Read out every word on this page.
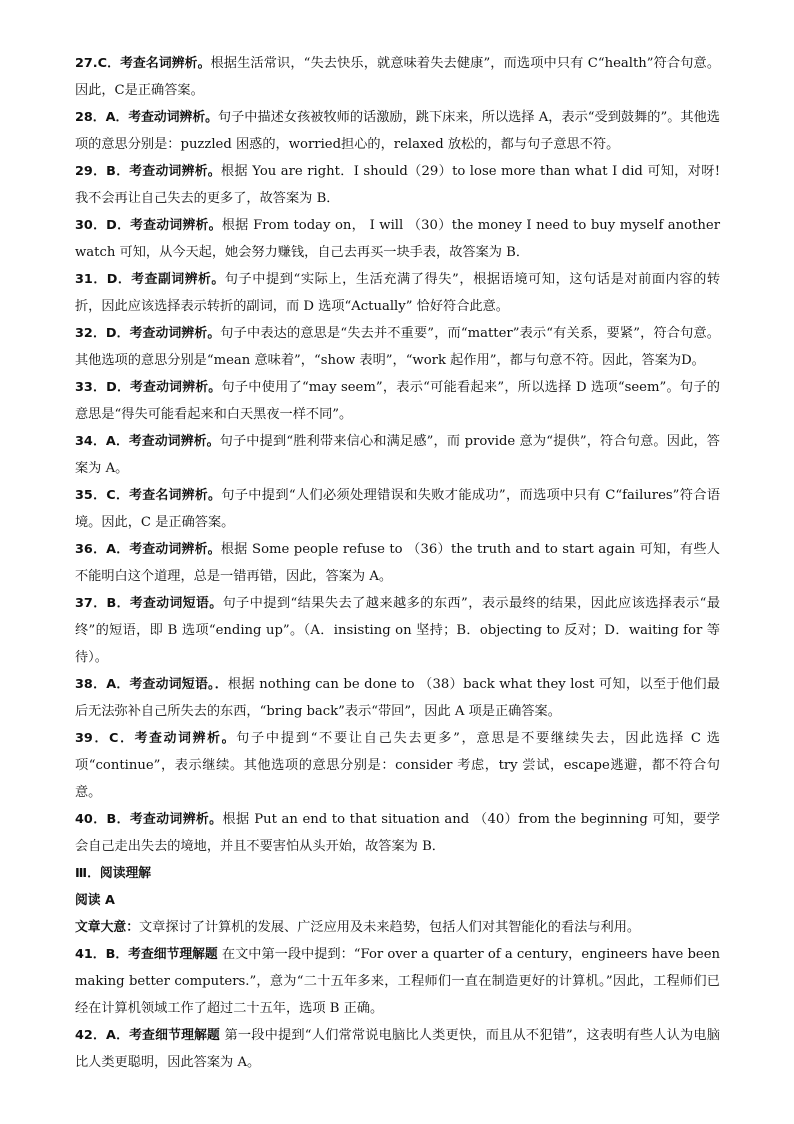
27.C．考查名词辨析。根据生活常识，“失去快乐，就意味着失去健康”，而选项中只有 C“health”符合句意。因此，C是正确答案。

28．A．考查动词辨析。句子中描述女孩被牧师的话激励，跳下床来，所以选择 A，表示“受到鼓舞的”。其他选项的意思分别是：puzzled 困惑的，worried担心的，relaxed 放松的，都与句子意思不符。

29．B．考查动词辨析。根据 You are right．I should（29）to lose more than what I did 可知，对呀!我不会再让自己失去的更多了，故答案为 B．

30．D．考查动词辨析。根据 From today on， I will （30）the money I need to buy myself another watch 可知，从今天起，她会努力赚钱，自己去再买一块手表，故答案为 B．

31．D．考查副词辨析。句子中提到“实际上，生活充满了得失”，根据语境可知，这句话是对前面内容的转折，因此应该选择表示转折的副词，而 D 选项“Actually” 恰好符合此意。

32．D．考查动词辨析。句子中表达的意思是“失去并不重要”，而“matter”表示“有关系，要紧”，符合句意。其他选项的意思分别是“mean 意味着”，“show 表明”，“work 起作用”，都与句意不符。因此，答案为D。

33．D．考查动词辨析。句子中使用了“may seem”，表示“可能看起来”，所以选择 D 选项“seem”。句子的意思是“得失可能看起来和白天黑夜一样不同”。

34．A．考查动词辨析。句子中提到“胜利带来信心和满足感”，而 provide 意为“提供”，符合句意。因此，答案为 A。

35．C．考查名词辨析。句子中提到“人们必须处理错误和失败才能成功”，而选项中只有 C“failures”符合语境。因此，C 是正确答案。

36．A．考查动词辨析。根据 Some people refuse to （36）the truth and to start again 可知，有些人不能明白这个道理，总是一错再错，因此，答案为 A。

37．B．考查动词短语。句子中提到“结果失去了越来越多的东西”，表示最终的结果，因此应该选择表示“最终”的短语，即 B 选项“ending up”。（A．insisting on 坚持；B．objecting to 反对；D．waiting for 等待）。

38．A．考查动词短语。．根据 nothing can be done to （38）back what they lost 可知，以至于他们最后无法弥补自己所失去的东西，“bring back”表示“带回”，因此 A 项是正确答案。

39．C．考查动词辨析。句子中提到“不要让自己失去更多”，意思是不要继续失去，因此选择 C 选项“continue”，表示继续。其他选项的意思分别是：consider 考虑，try 尝试，escape逃避，都不符合句意。

40．B．考查动词辨析。根据 Put an end to that situation and （40）from the beginning 可知，要学会自己走出失去的境地，并且不要害怕从头开始，故答案为 B．

Ⅲ．阅读理解

阅读 A

文章大意：文章探讨了计算机的发展、广泛应用及未来趋势，包括人们对其智能化的看法与利用。

41．B．考查细节理解题 在文中第一段中提到：“For over a quarter of a century，engineers have been making better computers.”，意为“二十五年多来，工程师们一直在制造更好的计算机。”因此，工程师们已经在计算机领域工作了超过二十五年，选项 B 正确。

42．A．考查细节理解题 第一段中提到“人们常常说电脑比人类更快，而且从不犯错”，这表明有些人认为电脑比人类更聪明，因此答案为 A。
